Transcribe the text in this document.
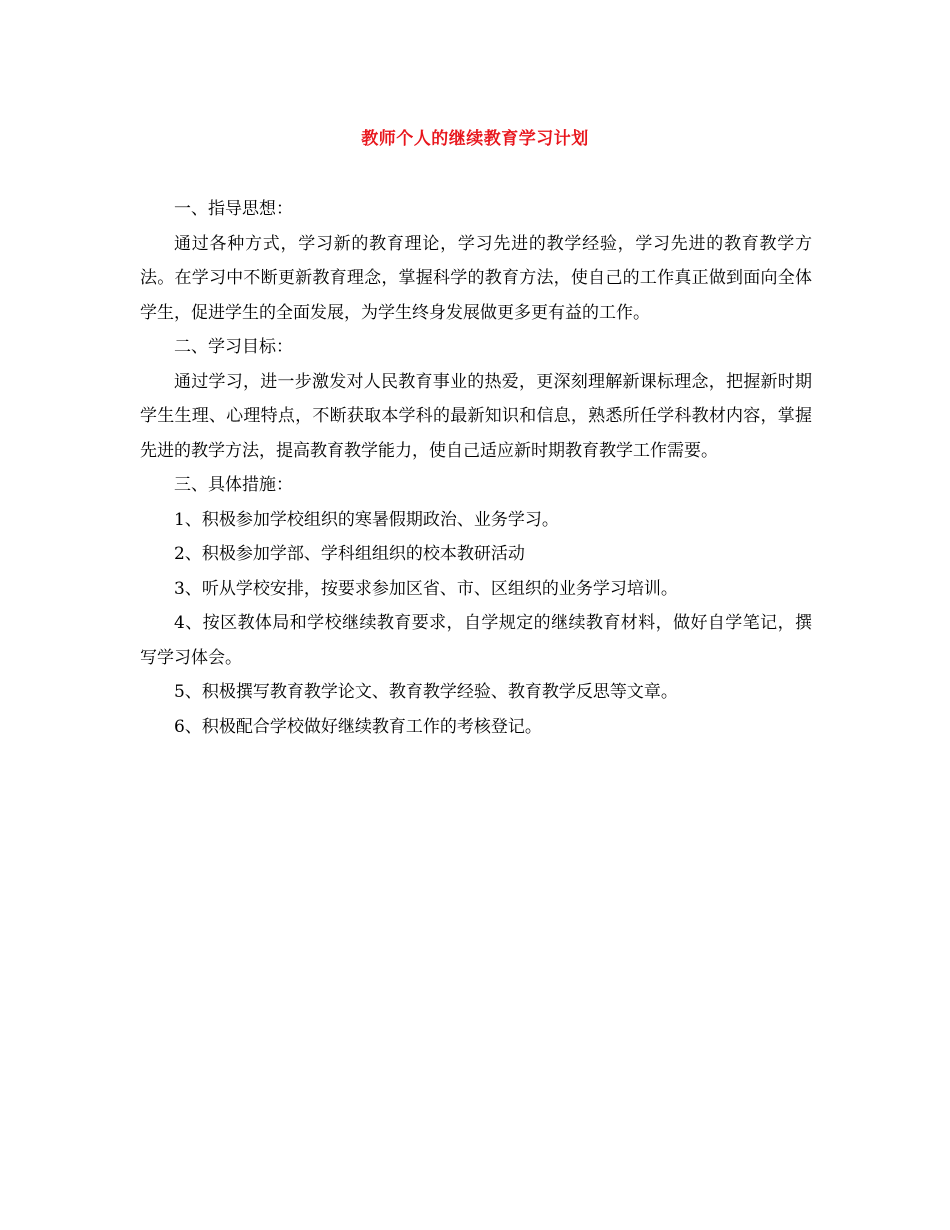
教师个人的继续教育学习计划

一、指导思想：

通过各种方式，学习新的教育理论，学习先进的教学经验，学习先进的教育教学方法。在学习中不断更新教育理念，掌握科学的教育方法，使自己的工作真正做到面向全体学生，促进学生的全面发展，为学生终身发展做更多更有益的工作。

二、学习目标：

通过学习，进一步激发对人民教育事业的热爱，更深刻理解新课标理念，把握新时期学生生理、心理特点，不断获取本学科的最新知识和信息，熟悉所任学科教材内容，掌握先进的教学方法，提高教育教学能力，使自己适应新时期教育教学工作需要。

三、具体措施：

1、积极参加学校组织的寒暑假期政治、业务学习。

2、积极参加学部、学科组组织的校本教研活动

3、听从学校安排，按要求参加区省、市、区组织的业务学习培训。

4、按区教体局和学校继续教育要求，自学规定的继续教育材料，做好自学笔记，撰写学习体会。

5、积极撰写教育教学论文、教育教学经验、教育教学反思等文章。

6、积极配合学校做好继续教育工作的考核登记。
